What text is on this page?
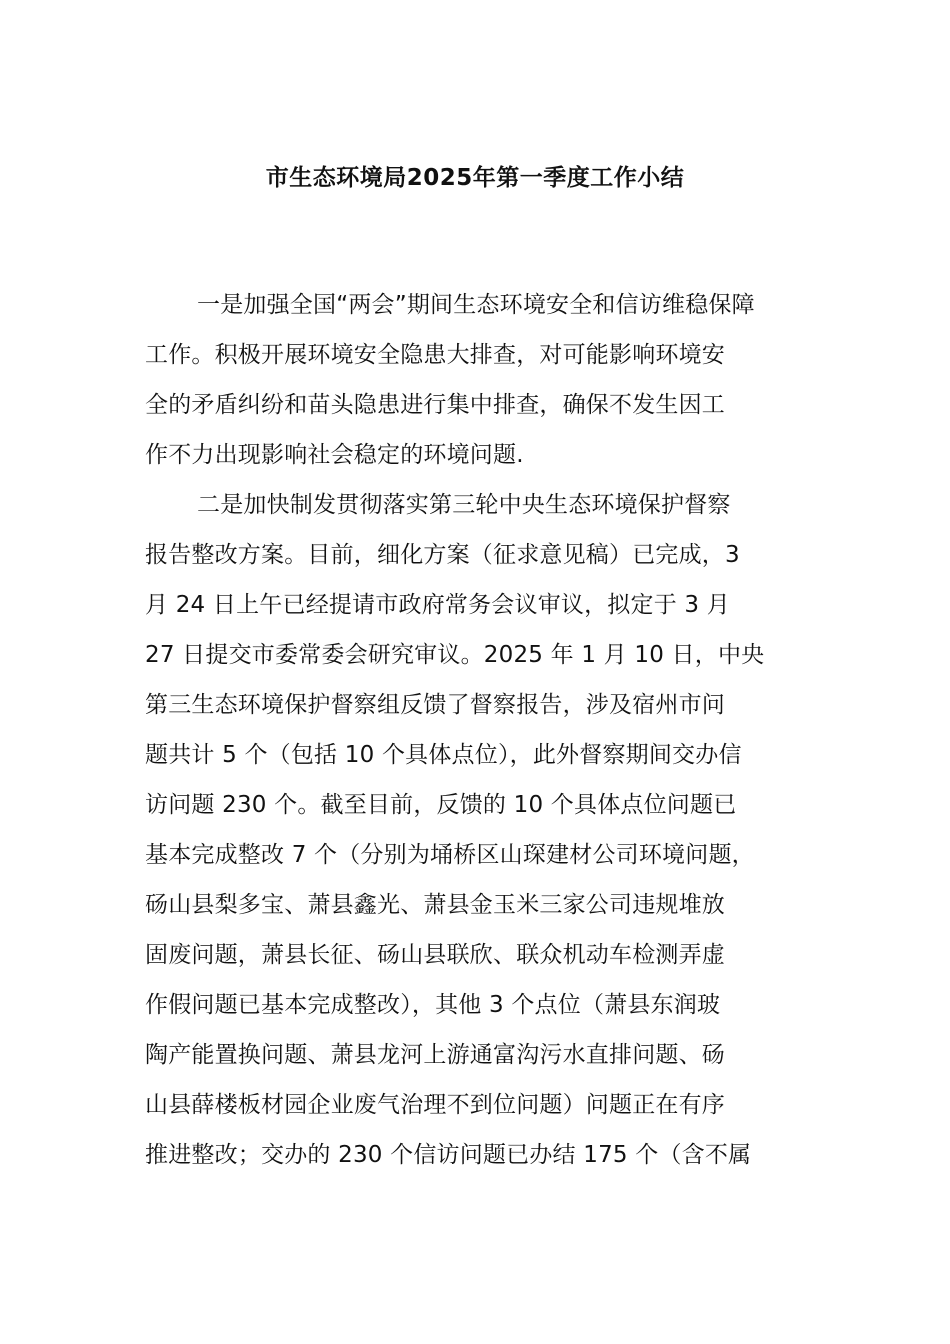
市生态环境局2025年第一季度工作小结
一是加强全国“两会”期间生态环境安全和信访维稳保障
工作。积极开展环境安全隐患大排查，对可能影响环境安
全的矛盾纠纷和苗头隐患进行集中排查，确保不发生因工
作不力出现影响社会稳定的环境问题.
二是加快制发贯彻落实第三轮中央生态环境保护督察
报告整改方案。目前，细化方案（征求意见稿）已完成，3
月 24 日上午已经提请市政府常务会议审议，拟定于 3 月
27 日提交市委常委会研究审议。2025 年 1 月 10 日，中央
第三生态环境保护督察组反馈了督察报告，涉及宿州市问
题共计 5 个（包括 10 个具体点位），此外督察期间交办信
访问题 230 个。截至目前，反馈的 10 个具体点位问题已
基本完成整改 7 个（分别为埇桥区山琛建材公司环境问题，
砀山县梨多宝、萧县鑫光、萧县金玉米三家公司违规堆放
固废问题，萧县长征、砀山县联欣、联众机动车检测弄虚
作假问题已基本完成整改），其他 3 个点位（萧县东润玻
陶产能置换问题、萧县龙河上游通富沟污水直排问题、砀
山县薛楼板材园企业废气治理不到位问题）问题正在有序
推进整改；交办的 230 个信访问题已办结 175 个（含不属
